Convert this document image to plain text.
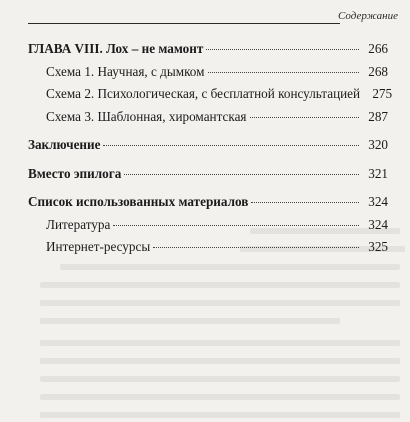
Содержание
ГЛАВА VIII. Лох – не мамонт	266
Схема 1. Научная, с дымком	268
Схема 2. Психологическая, с бесплатной консультацией 275
Схема 3. Шаблонная, хиромантская	287
Заключение	320
Вместо эпилога	321
Список использованных материалов	324
Литература	324
Интернет-ресурсы	325
